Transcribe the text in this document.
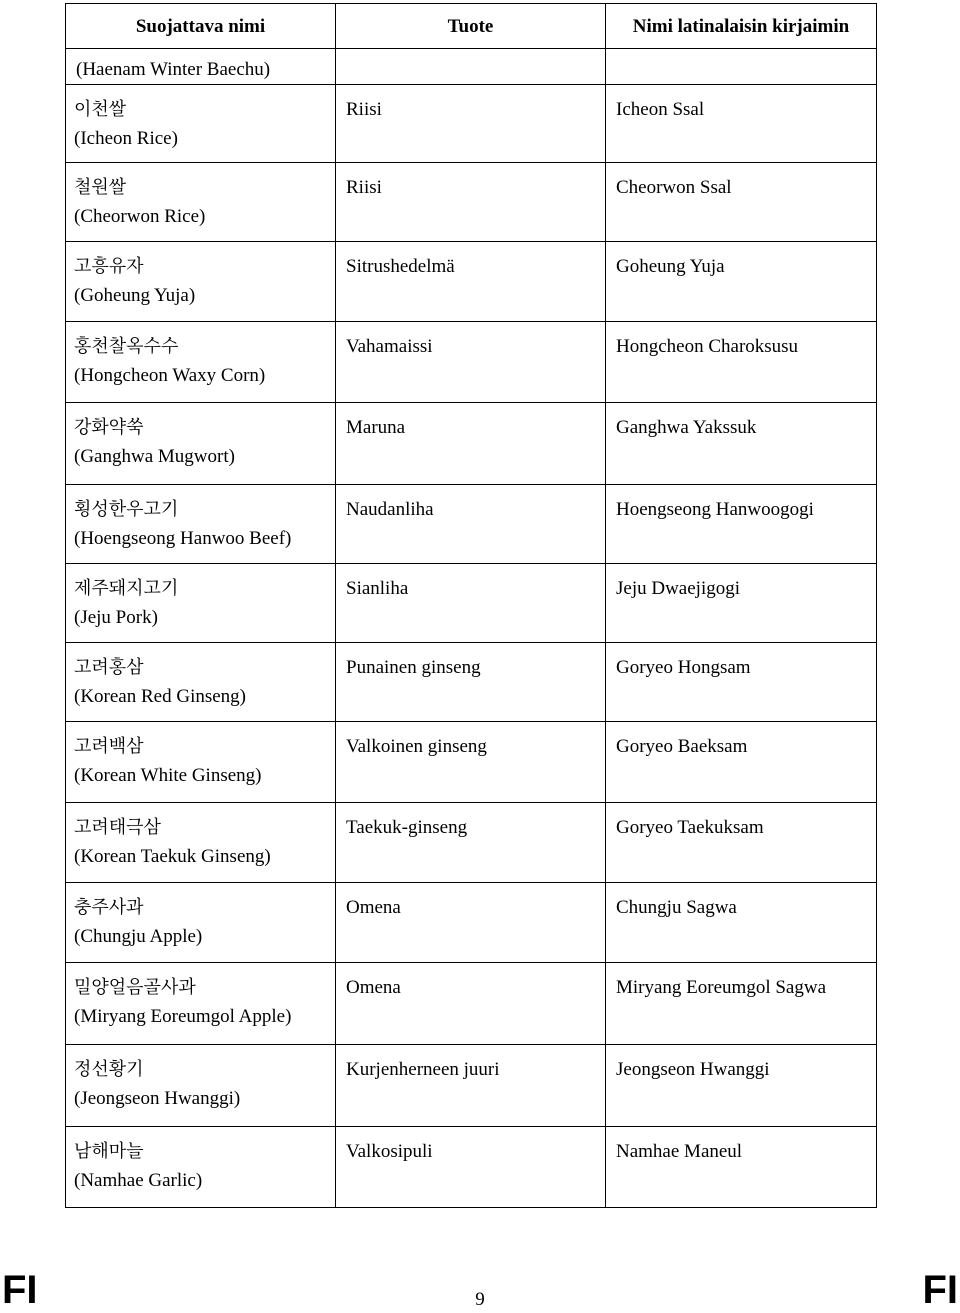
Suojattava nimi	Tuote	Nimi latinalaisin kirjaimin

(Haenam Winter Baechu)		

이천쌀
(Icheon Rice)	Riisi	Icheon Ssal

철원쌀
(Cheorwon Rice)	Riisi	Cheorwon Ssal

고흥유자
(Goheung Yuja)	Sitrushedelmä	Goheung Yuja

홍천찰옥수수
(Hongcheon Waxy Corn)	Vahamaissi	Hongcheon Charoksusu

강화약쑥
(Ganghwa Mugwort)	Maruna	Ganghwa Yakssuk

횡성한우고기
(Hoengseong Hanwoo Beef)	Naudanliha	Hoengseong Hanwoogogi

제주돼지고기
(Jeju Pork)	Sianliha	Jeju Dwaejigogi

고려홍삼
(Korean Red Ginseng)	Punainen ginseng	Goryeo Hongsam

고려백삼
(Korean White Ginseng)	Valkoinen ginseng	Goryeo Baeksam

고려태극삼
(Korean Taekuk Ginseng)	Taekuk-ginseng	Goryeo Taekuksam

충주사과
(Chungju Apple)	Omena	Chungju Sagwa

밀양얼음골사과
(Miryang Eoreumgol Apple)	Omena	Miryang Eoreumgol Sagwa

정선황기
(Jeongseon Hwanggi)	Kurjenherneen juuri	Jeongseon Hwanggi

남해마늘
(Namhae Garlic)	Valkosipuli	Namhae Maneul
FI	9	FI
